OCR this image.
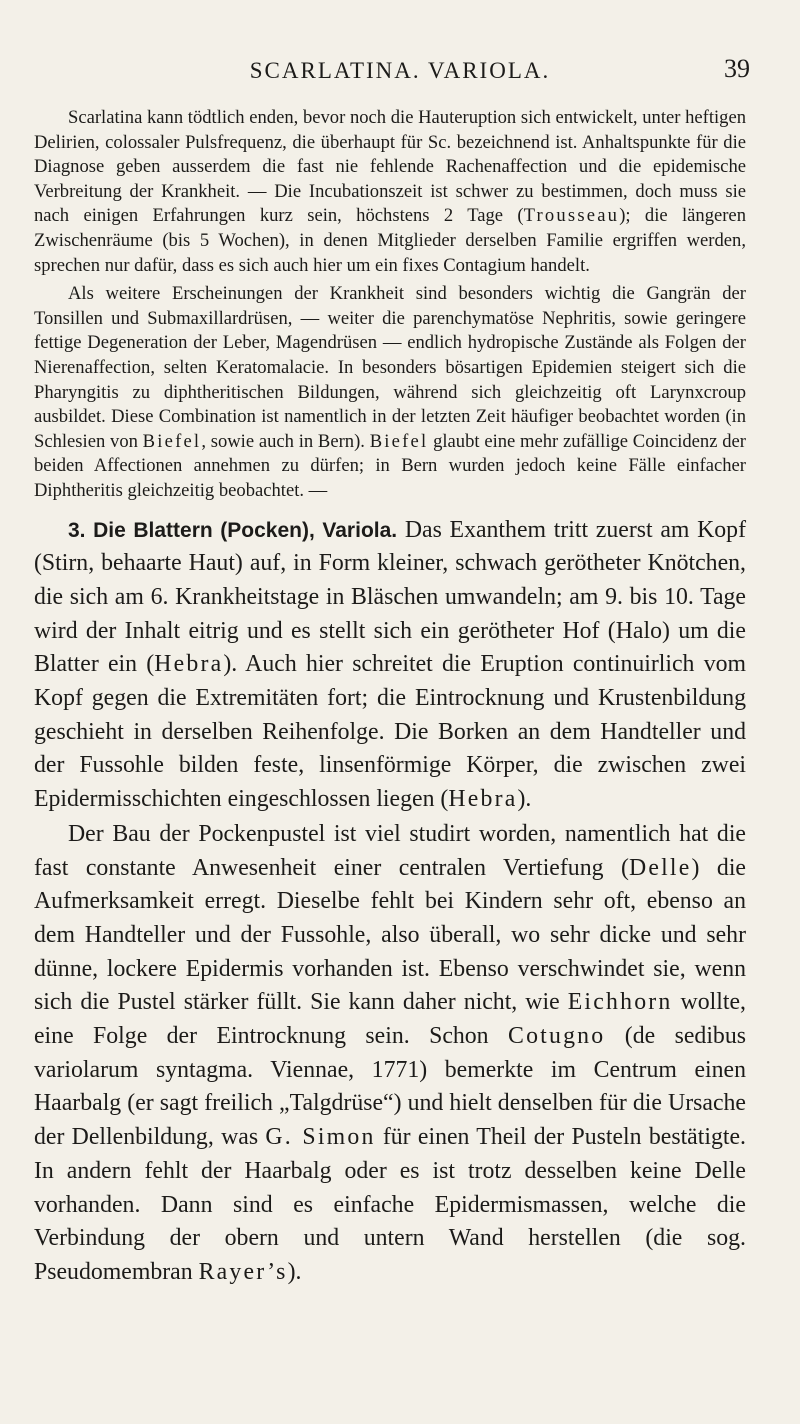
SCARLATINA. VARIOLA.	39

Scarlatina kann tödtlich enden, bevor noch die Hauteruption sich entwickelt, unter heftigen Delirien, colossaler Pulsfrequenz, die überhaupt für Sc. bezeichnend ist. Anhaltspunkte für die Diagnose geben ausserdem die fast nie fehlende Rachenaffection und die epidemische Verbreitung der Krankheit. — Die Incubationszeit ist schwer zu bestimmen, doch muss sie nach einigen Erfahrungen kurz sein, höchstens 2 Tage (Trousseau); die längeren Zwischenräume (bis 5 Wochen), in denen Mitglieder derselben Familie ergriffen werden, sprechen nur dafür, dass es sich auch hier um ein fixes Contagium handelt.

Als weitere Erscheinungen der Krankheit sind besonders wichtig die Gangrän der Tonsillen und Submaxillardrüsen, — weiter die parenchymatöse Nephritis, sowie geringere fettige Degeneration der Leber, Magendrüsen — endlich hydropische Zustände als Folgen der Nierenaffection, selten Keratomalacie. In besonders bösartigen Epidemien steigert sich die Pharyngitis zu diphtheritischen Bildungen, während sich gleichzeitig oft Larynxcroup ausbildet. Diese Combination ist namentlich in der letzten Zeit häufiger beobachtet worden (in Schlesien von Biefel, sowie auch in Bern). Biefel glaubt eine mehr zufällige Coincidenz der beiden Affectionen annehmen zu dürfen; in Bern wurden jedoch keine Fälle einfacher Diphtheritis gleichzeitig beobachtet. —

3. Die Blattern (Pocken), Variola. Das Exanthem tritt zuerst am Kopf (Stirn, behaarte Haut) auf, in Form kleiner, schwach gerötheter Knötchen, die sich am 6. Krankheitstage in Bläschen umwandeln; am 9. bis 10. Tage wird der Inhalt eitrig und es stellt sich ein gerötheter Hof (Halo) um die Blatter ein (Hebra). Auch hier schreitet die Eruption continuirlich vom Kopf gegen die Extremitäten fort; die Eintrocknung und Krustenbildung geschieht in derselben Reihenfolge. Die Borken an dem Handteller und der Fussohle bilden feste, linsenförmige Körper, die zwischen zwei Epidermisschichten eingeschlossen liegen (Hebra).

Der Bau der Pockenpustel ist viel studirt worden, namentlich hat die fast constante Anwesenheit einer centralen Vertiefung (Delle) die Aufmerksamkeit erregt. Dieselbe fehlt bei Kindern sehr oft, ebenso an dem Handteller und der Fussohle, also überall, wo sehr dicke und sehr dünne, lockere Epidermis vorhanden ist. Ebenso verschwindet sie, wenn sich die Pustel stärker füllt. Sie kann daher nicht, wie Eichhorn wollte, eine Folge der Eintrocknung sein. Schon Cotugno (de sedibus variolarum syntagma. Viennae, 1771) bemerkte im Centrum einen Haarbalg (er sagt freilich „Talgdrüse“) und hielt denselben für die Ursache der Dellenbildung, was G. Simon für einen Theil der Pusteln bestätigte. In andern fehlt der Haarbalg oder es ist trotz desselben keine Delle vorhanden. Dann sind es einfache Epidermismassen, welche die Verbindung der obern und untern Wand herstellen (die sog. Pseudomembran Rayer’s).
